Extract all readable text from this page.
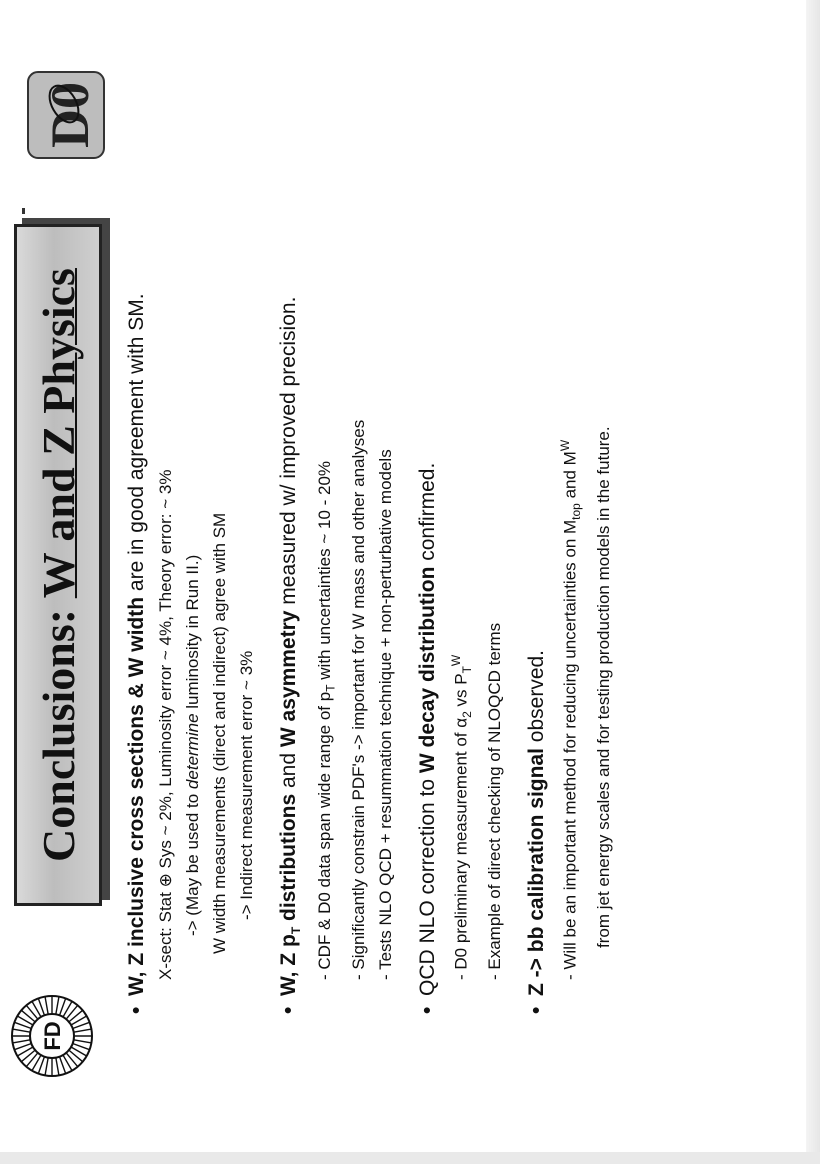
FD
Conclusions: W and Z Physics
D0

•W, Z inclusive cross sections & W width are in good agreement with SM.

X-sect: Stat ⊕ Sys ~ 2%, Luminosity error ~ 4%, Theory error: ~ 3% -> (May be used to determine luminosity in Run II.) W width measurements (direct and indirect) agree with SM -> Indirect measurement error ~ 3%

•W, Z $p_T$ distributions and W asymmetry measured w/ improved precision.

- CDF & D0 data span wide range of $p_T$ with uncertainties ~ 10 - 20% - Significantly constrain PDF's -> important for W mass and other analyses - Tests NLO QCD + resummation technique + non-perturbative models

•QCD NLO correction to W decay distribution confirmed.

- D0 preliminary measurement of $\alpha_2$ vs $P_T^W$	- Example of direct checking of NLOQCD terms

•Z -> bb calibration signal observed. - Will be an important method for reducing uncertainties on $M_{top}$ and $M^W$	from jet energy scales and for testing production models in the future.
